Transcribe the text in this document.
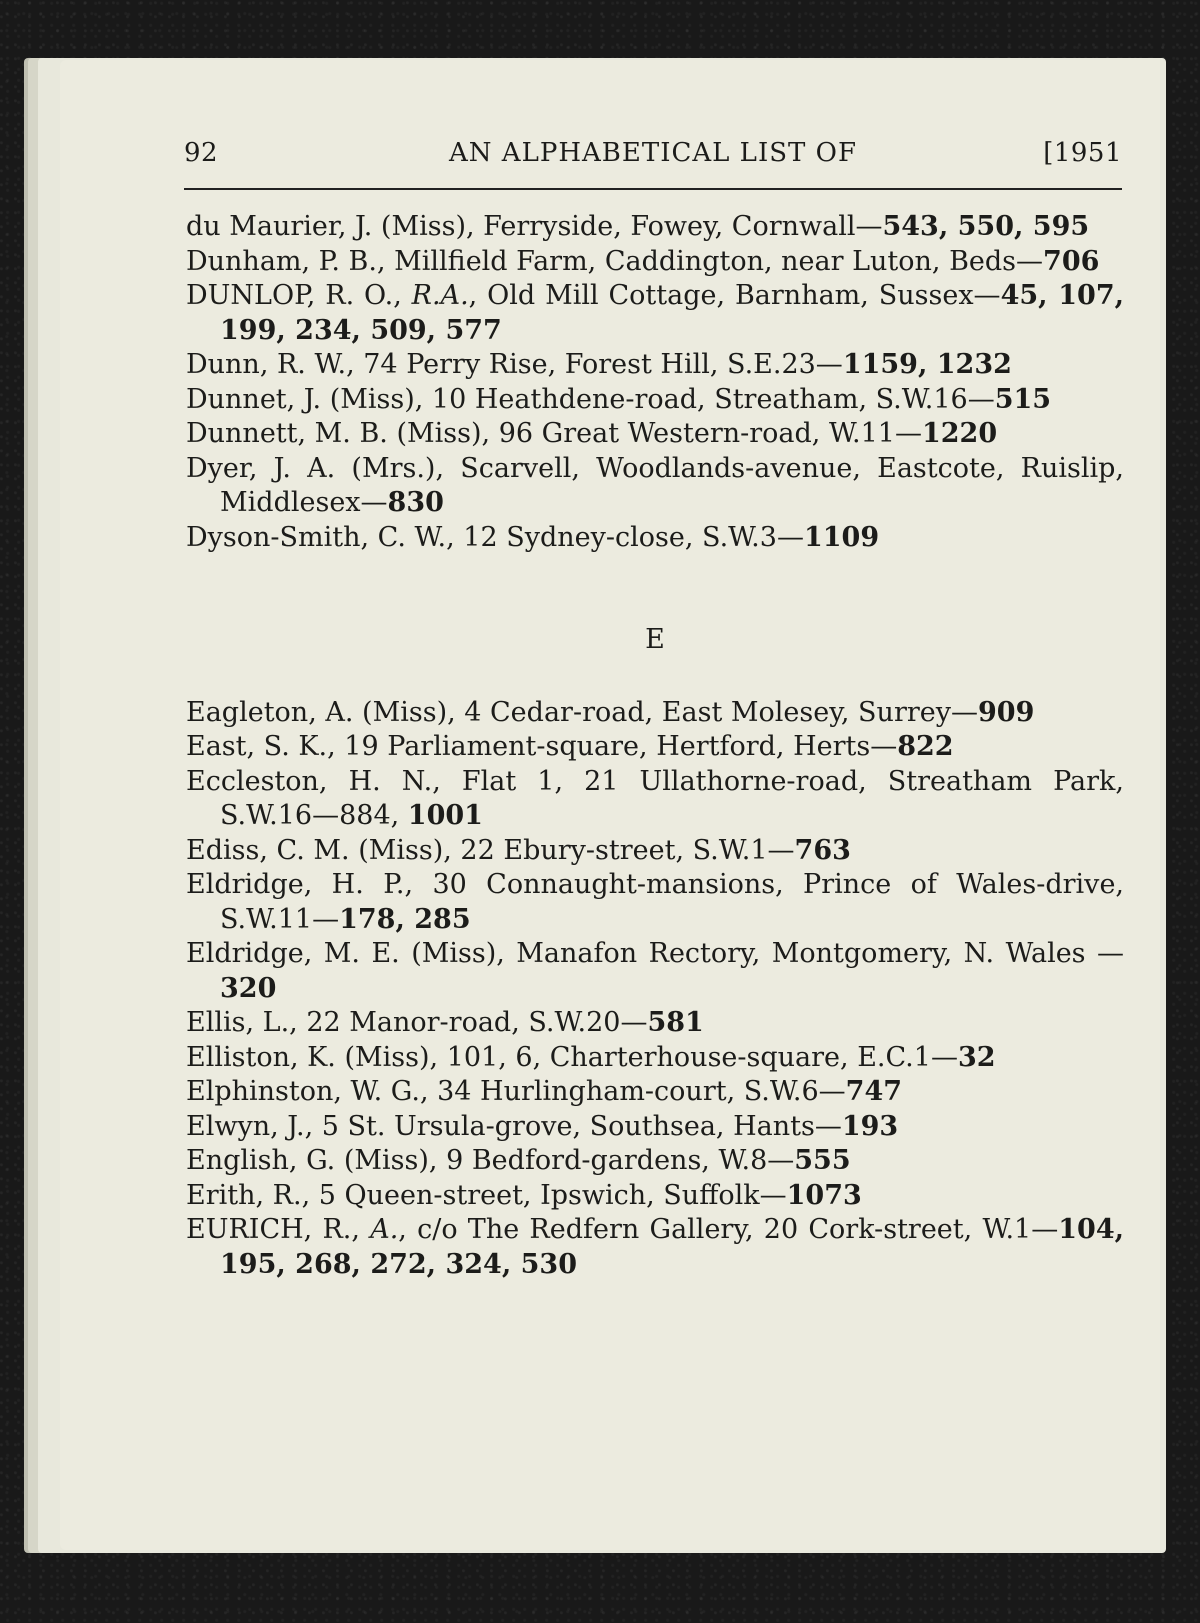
92	AN ALPHABETICAL LIST OF	[1951

du Maurier, J. (Miss), Ferryside, Fowey, Cornwall—543, 550, 595

Dunham, P. B., Millfield Farm, Caddington, near Luton, Beds—706

DUNLOP, R. O., R.A., Old Mill Cottage, Barnham, Sussex—45, 107, 199, 234, 509, 577

Dunn, R. W., 74 Perry Rise, Forest Hill, S.E.23—1159, 1232

Dunnet, J. (Miss), 10 Heathdene-road, Streatham, S.W.16—515

Dunnett, M. B. (Miss), 96 Great Western-road, W.11—1220

Dyer, J. A. (Mrs.), Scarvell, Woodlands-avenue, Eastcote, Ruislip, Middlesex—830

Dyson-Smith, C. W., 12 Sydney-close, S.W.3—1109

E

Eagleton, A. (Miss), 4 Cedar-road, East Molesey, Surrey—909

East, S. K., 19 Parliament-square, Hertford, Herts—822

Eccleston, H. N., Flat 1, 21 Ullathorne-road, Streatham Park, S.W.16—884, 1001

Ediss, C. M. (Miss), 22 Ebury-street, S.W.1—763

Eldridge, H. P., 30 Connaught-mansions, Prince of Wales-drive, S.W.11—178, 285

Eldridge, M. E. (Miss), Manafon Rectory, Montgomery, N. Wales —320

Ellis, L., 22 Manor-road, S.W.20—581

Elliston, K. (Miss), 101, 6, Charterhouse-square, E.C.1—32

Elphinston, W. G., 34 Hurlingham-court, S.W.6—747

Elwyn, J., 5 St. Ursula-grove, Southsea, Hants—193

English, G. (Miss), 9 Bedford-gardens, W.8—555

Erith, R., 5 Queen-street, Ipswich, Suffolk—1073

EURICH, R., A., c/o The Redfern Gallery, 20 Cork-street, W.1—104, 195, 268, 272, 324, 530
